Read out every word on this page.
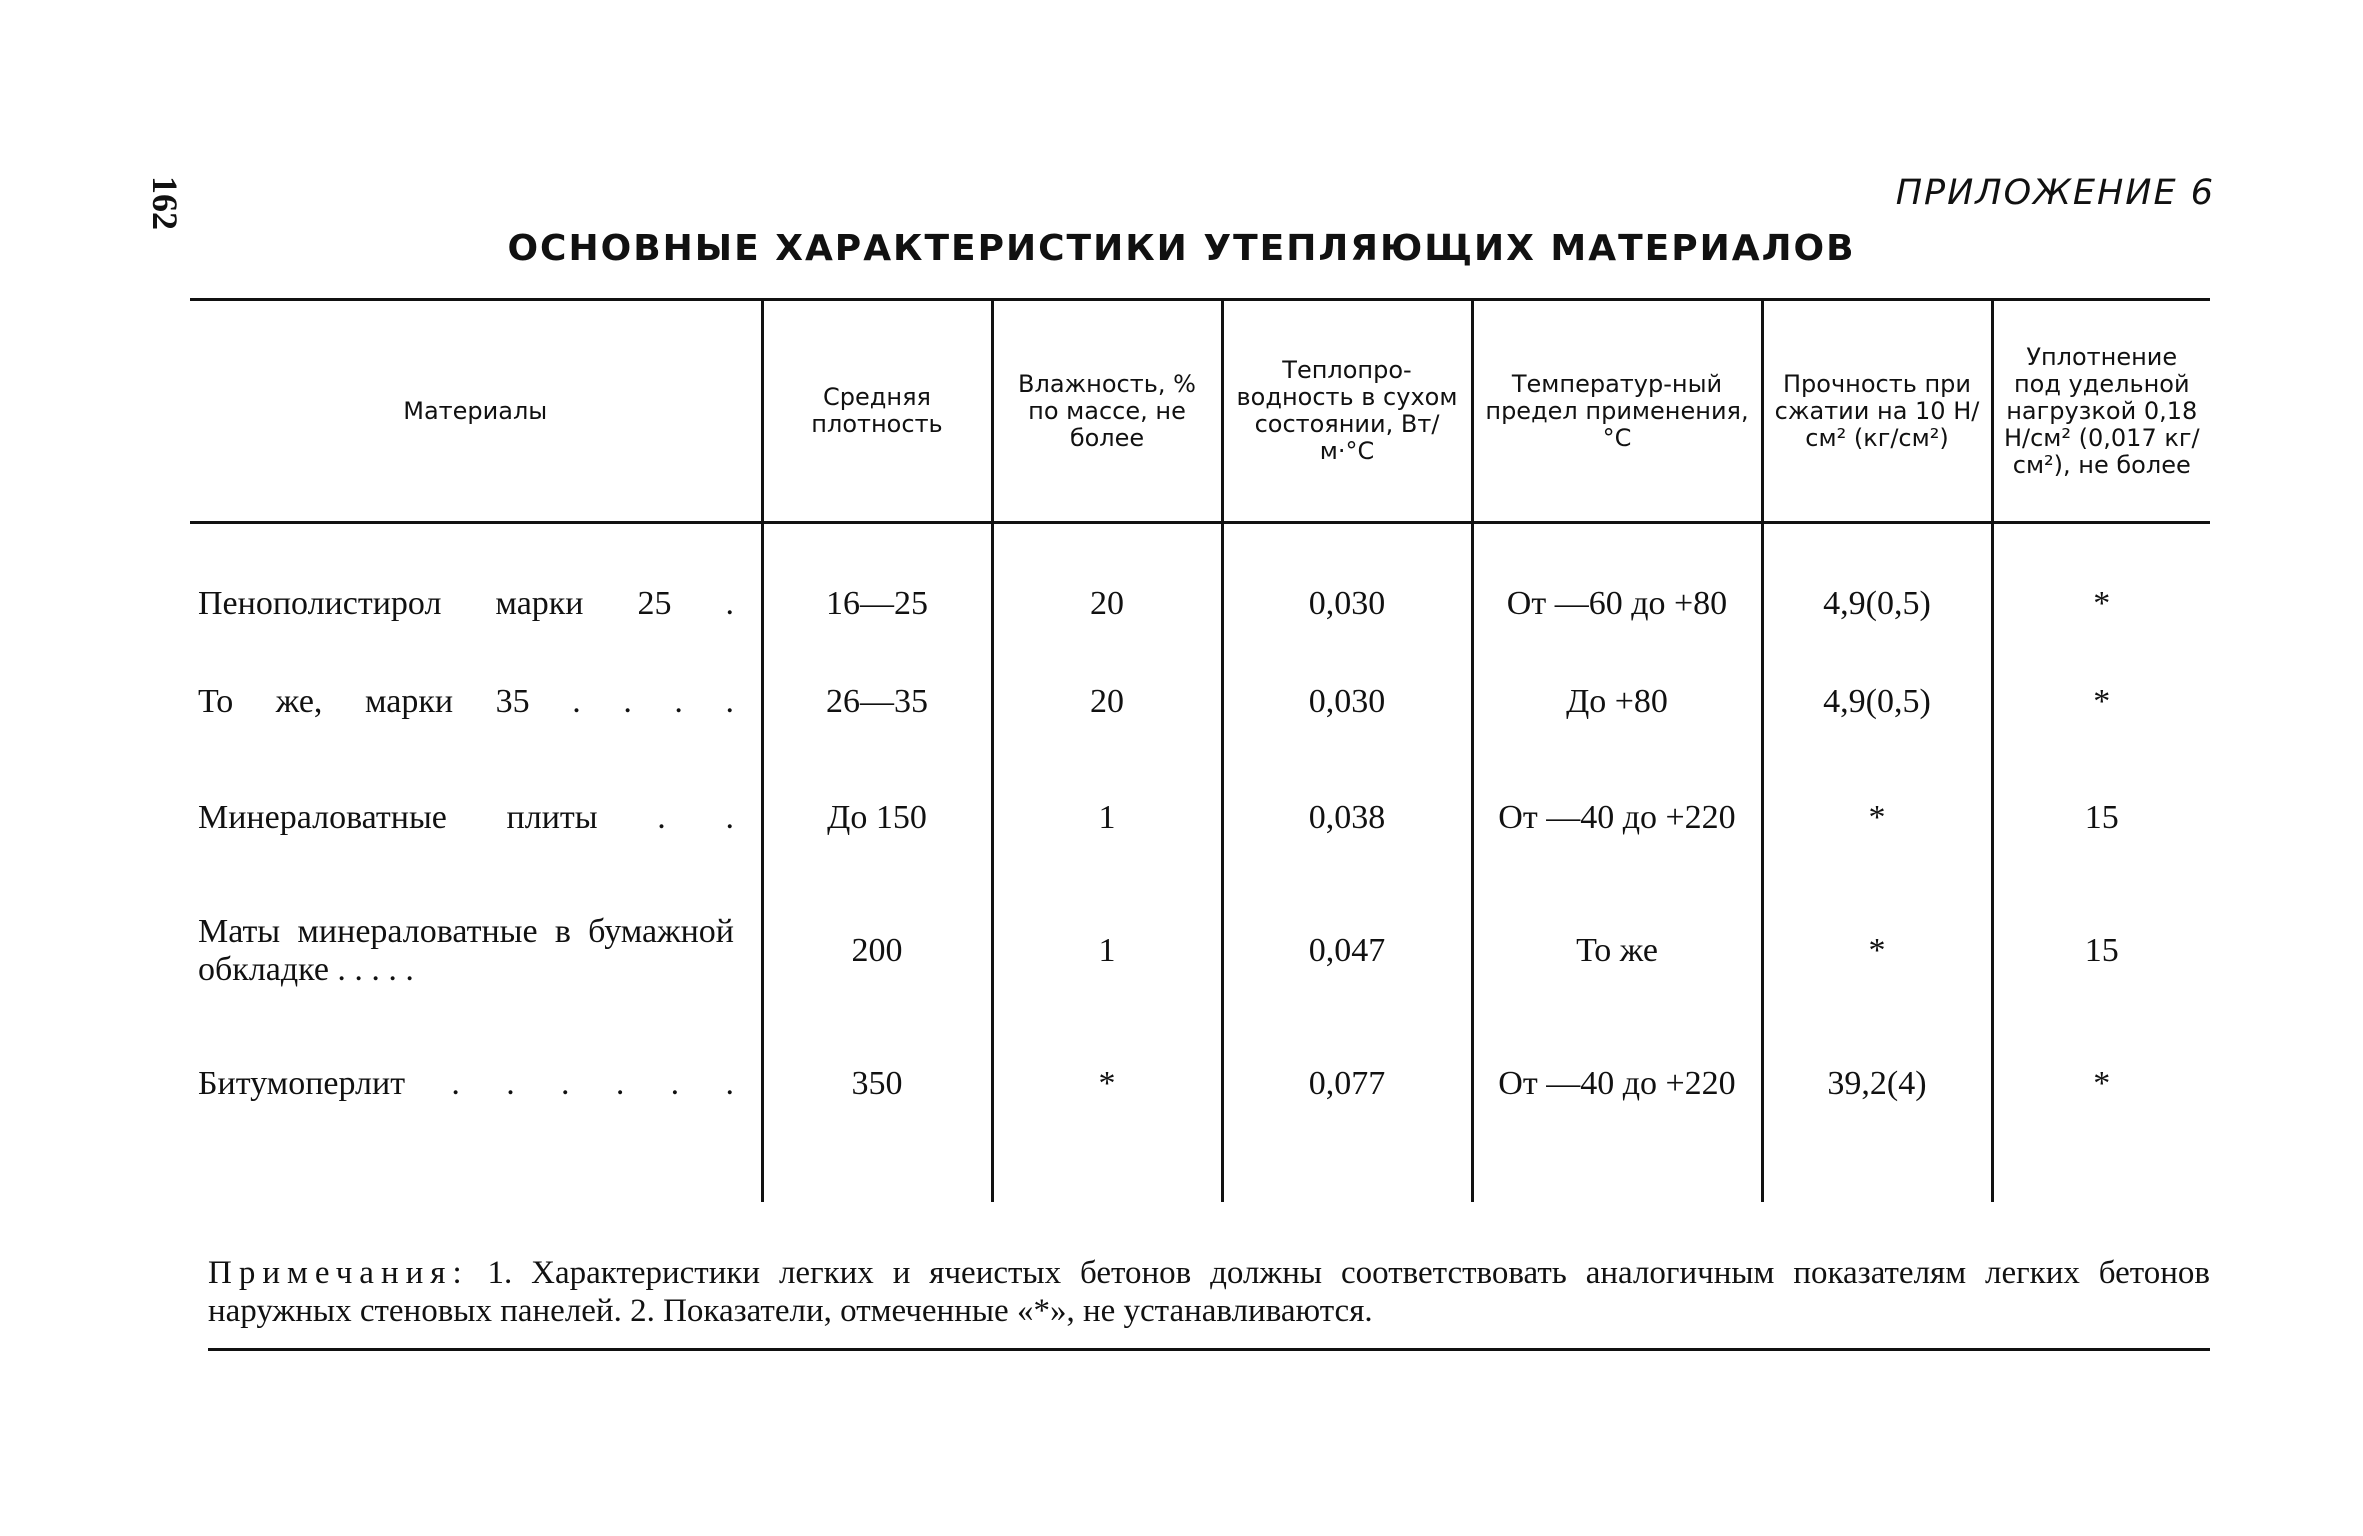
162	ПРИЛОЖЕНИЕ 6
ОСНОВНЫЕ ХАРАКТЕРИСТИКИ УТЕПЛЯЮЩИХ МАТЕРИАЛОВ
Материалы	Средняя плотность	Влажность, % по массе, не более	Теплопро-водность в сухом состоянии, Вт/м·°С	Температур-ный предел применения, °С	Прочность при сжатии на 10 Н/см² (кг/см²)	Уплотнение под удельной нагрузкой 0,18 Н/см² (0,017 кг/см²), не более
Пенополистирол марки 25 .	16—25	20	0,030	От —60 до +80	4,9(0,5)	*
То же, марки 35 . . . .	26—35	20	0,030	До +80	4,9(0,5)	*
Минераловатные плиты . .	До 150	1	0,038	От —40 до +220	*	15
Маты минераловатные в бумажной обкладке . . . . .	200	1	0,047	То же	*	15
Битумоперлит . . . . . .	350	*	0,077	От —40 до +220	39,2(4)	*

Примечания: 1. Характеристики легких и ячеистых бетонов должны соответствовать аналогичным показателям легких бетонов наружных стеновых панелей. 2. Показатели, отмеченные «*», не устанавливаются.
